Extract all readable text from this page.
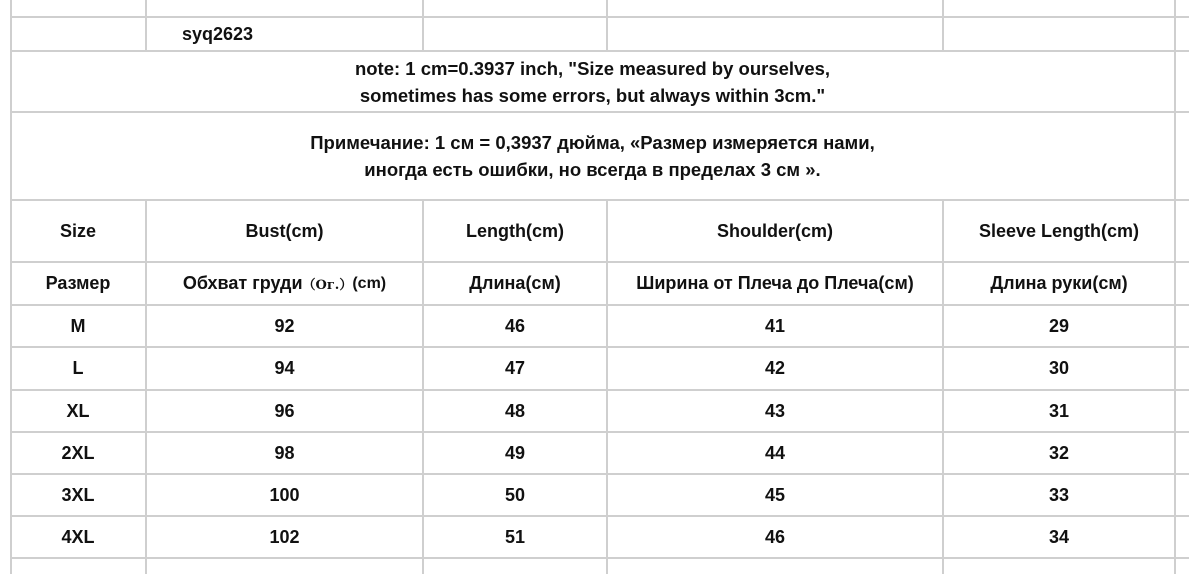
syq2623
note: 1 cm=0.3937 inch, "Size measured by ourselves,
sometimes has some errors, but always within 3cm."
Примечание: 1 см = 0,3937 дюйма, «Размер измеряется нами,
иногда есть ошибки, но всегда в пределах 3 см ».
Size	Bust(cm)	Length(cm)	Shoulder(cm)	Sleeve Length(cm)
Размер	Обхват груди （Ог.） (cm)	Длина(см)	Ширина от Плеча до Плеча(см)	Длина руки(см)
M	92	46	41	29
L	94	47	42	30
XL	96	48	43	31
2XL	98	49	44	32
3XL	100	50	45	33
4XL	102	51	46	34
